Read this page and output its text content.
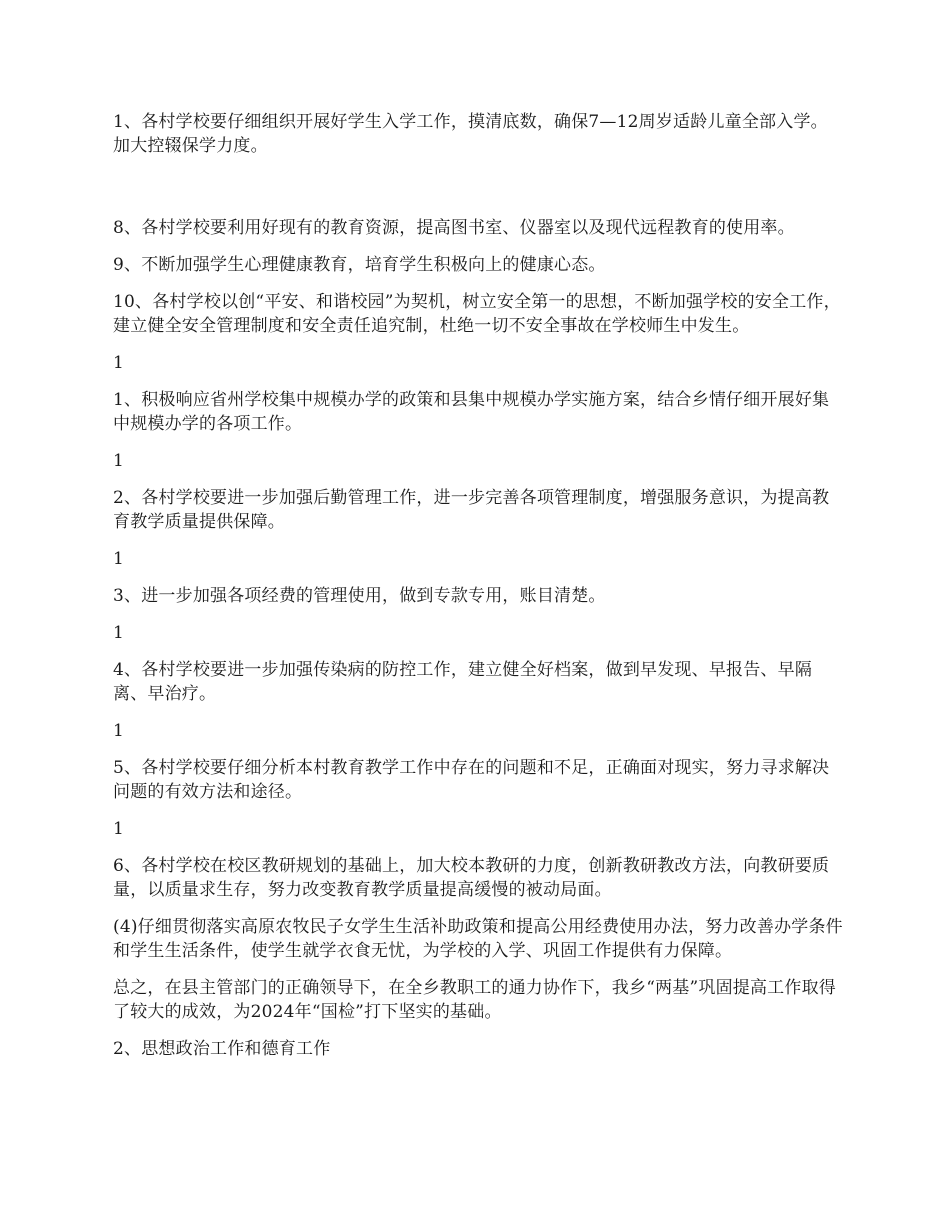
1、各村学校要仔细组织开展好学生入学工作，摸清底数，确保7—12周岁适龄儿童全部入学。加大控辍保学力度。

8、各村学校要利用好现有的教育资源，提高图书室、仪器室以及现代远程教育的使用率。

9、不断加强学生心理健康教育，培育学生积极向上的健康心态。

10、各村学校以创“平安、和谐校园”为契机，树立安全第一的思想，不断加强学校的安全工作，建立健全安全管理制度和安全责任追究制，杜绝一切不安全事故在学校师生中发生。

1

1、积极响应省州学校集中规模办学的政策和县集中规模办学实施方案，结合乡情仔细开展好集中规模办学的各项工作。

1

2、各村学校要进一步加强后勤管理工作，进一步完善各项管理制度，增强服务意识，为提高教育教学质量提供保障。

1

3、进一步加强各项经费的管理使用，做到专款专用，账目清楚。

1

4、各村学校要进一步加强传染病的防控工作，建立健全好档案，做到早发现、早报告、早隔离、早治疗。

1

5、各村学校要仔细分析本村教育教学工作中存在的问题和不足，正确面对现实，努力寻求解决问题的有效方法和途径。

1

6、各村学校在校区教研规划的基础上，加大校本教研的力度，创新教研教改方法，向教研要质量，以质量求生存，努力改变教育教学质量提高缓慢的被动局面。

(4)仔细贯彻落实高原农牧民子女学生生活补助政策和提高公用经费使用办法，努力改善办学条件和学生生活条件，使学生就学衣食无忧，为学校的入学、巩固工作提供有力保障。

总之，在县主管部门的正确领导下，在全乡教职工的通力协作下，我乡“两基”巩固提高工作取得了较大的成效，为2024年“国检”打下坚实的基础。

2、思想政治工作和德育工作
